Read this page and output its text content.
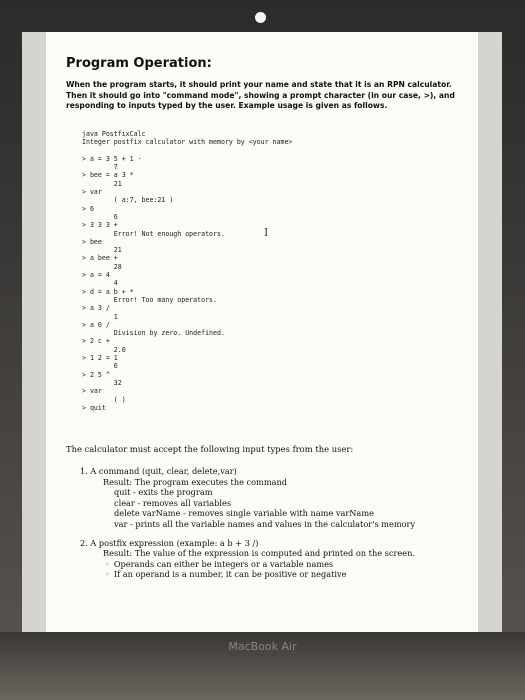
Program Operation:
When the program starts, it should print your name and state that it is an RPN calculator. Then it should go into "command mode", showing a prompt character (in our case, >), and responding to inputs typed by the user. Example usage is given as follows.
java PostfixCalc
Integer postfix calculator with memory by <your name>
> a = 3 5 + 1 -
7
> bee = a 3 *
21
> var
( a:7, bee:21 )
> 6
6
> 3 3 3 +
Error! Not enough operators.
> bee
21
> a bee +
28
> a = 4
4
> d = a b + *
Error! Too many operators.
> a 3 /
1
> a 0 /
Division by zero. Undefined.
> 2 c +
2.0
> 1 2 = 1
6
> 2 5 ^
32
> var
( )
> quit
I
The calculator must accept the following input types from the user:
1. A command (quit, clear, delete,var)
Result: The program executes the command
quit - exits the program
clear - removes all variables
delete varName - removes single variable with name varName
var - prints all the variable names and values in the calculator's memory
2. A postfix expression (example: a b + 3 /)
Result: The value of the expression is computed and printed on the screen.
◦ Operands can either be integers or a variable names
◦ If an operand is a number, it can be positive or negative
MacBook Air
